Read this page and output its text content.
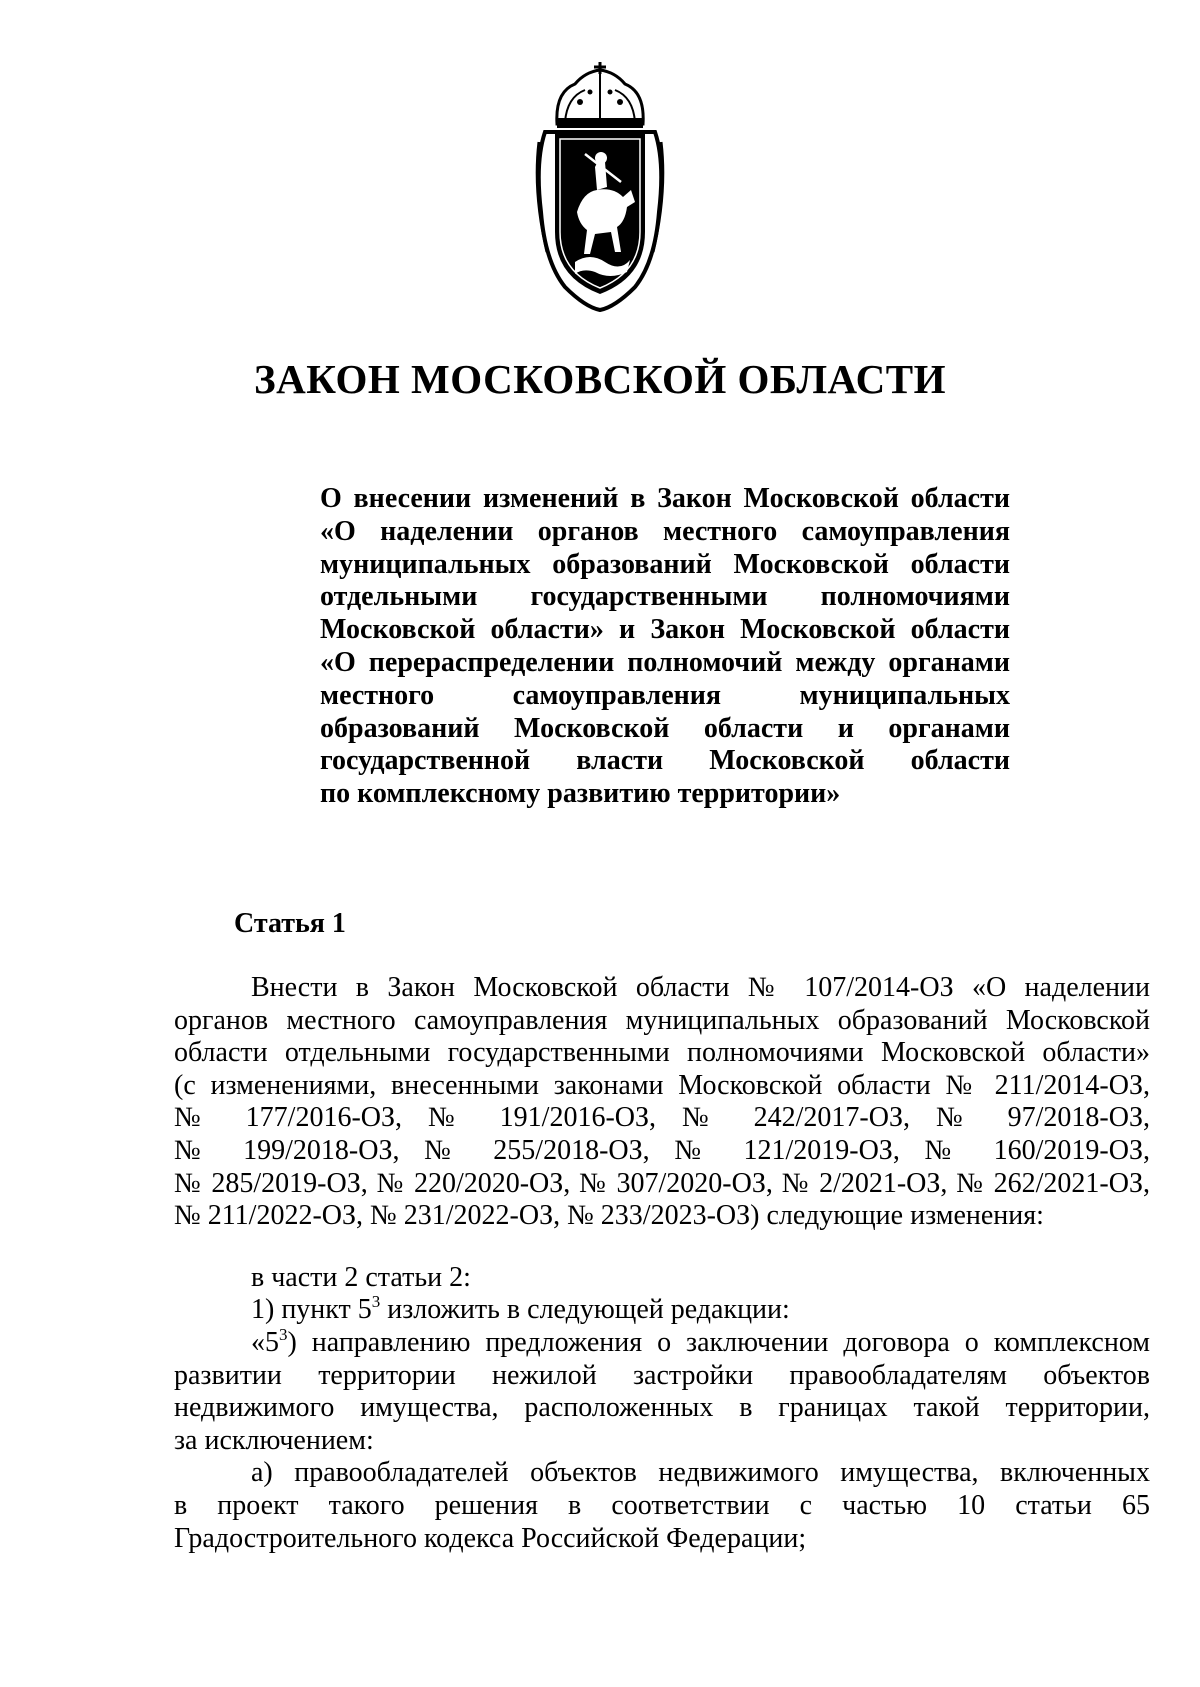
ЗАКОН МОСКОВСКОЙ ОБЛАСТИ
О внесении изменений в Закон Московской области
«О наделении органов местного самоуправления
муниципальных образований Московской области
отдельными государственными полномочиями
Московской области» и Закон Московской области
«О перераспределении полномочий между органами
местного самоуправления муниципальных
образований Московской области и органами
государственной власти Московской области
по комплексному развитию территории»
Статья 1
Внести в Закон Московской области № 107/2014-ОЗ «О наделении
органов местного самоуправления муниципальных образований Московской
области отдельными государственными полномочиями Московской области»
(с изменениями, внесенными законами Московской области № 211/2014-ОЗ,
№ 177/2016-ОЗ, № 191/2016-ОЗ, № 242/2017-ОЗ, № 97/2018-ОЗ,
№ 199/2018-ОЗ, № 255/2018-ОЗ, № 121/2019-ОЗ, № 160/2019-ОЗ,
№ 285/2019-ОЗ, № 220/2020-ОЗ, № 307/2020-ОЗ, № 2/2021-ОЗ, № 262/2021-ОЗ,
№ 211/2022-ОЗ, № 231/2022-ОЗ, № 233/2023-ОЗ) следующие изменения:
в части 2 статьи 2:
1) пункт $5^3$ изложить в следующей редакции:
«$5^3$) направлению предложения о заключении договора о комплексном
развитии территории нежилой застройки правообладателям объектов
недвижимого имущества, расположенных в границах такой территории,
за исключением:
а) правообладателей объектов недвижимого имущества, включенных
в проект такого решения в соответствии с частью 10 статьи 65
Градостроительного кодекса Российской Федерации;
